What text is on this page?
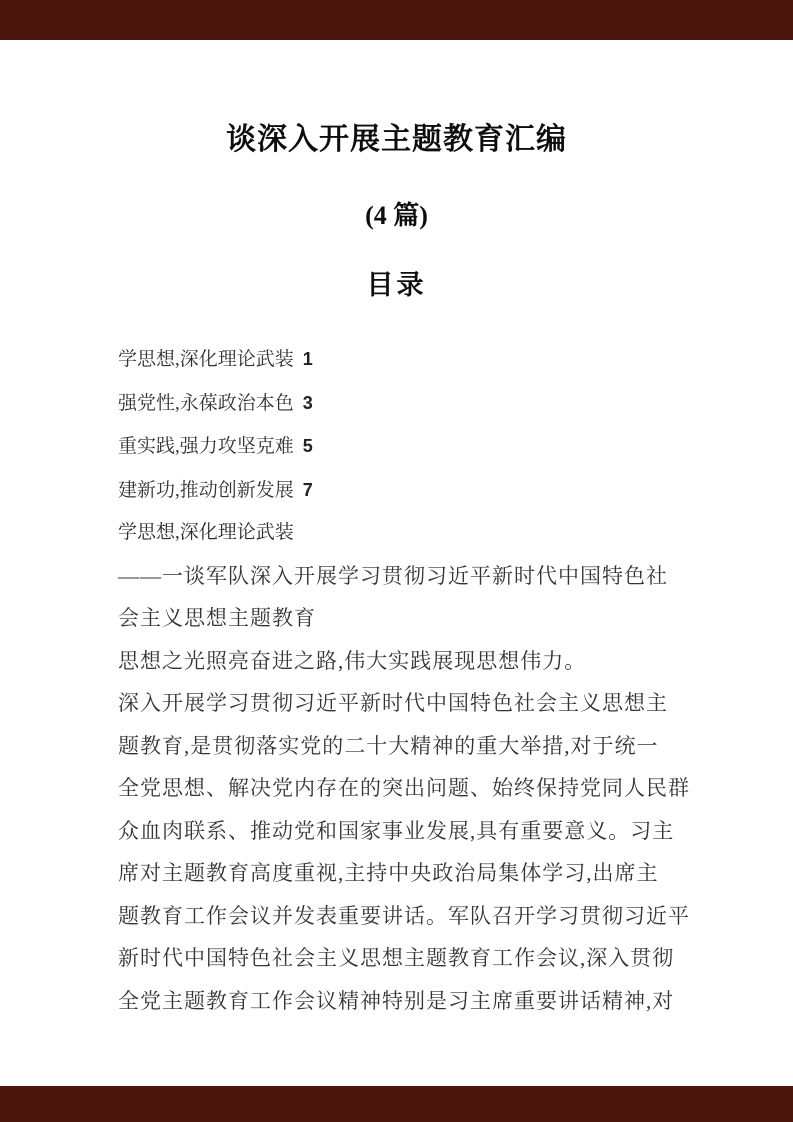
谈深入开展主题教育汇编
(4 篇)
目录
学思想,深化理论武装 1
强党性,永葆政治本色 3
重实践,强力攻坚克难 5
建新功,推动创新发展 7
学思想,深化理论武装
——一谈军队深入开展学习贯彻习近平新时代中国特色社
会主义思想主题教育
思想之光照亮奋进之路,伟大实践展现思想伟力。
深入开展学习贯彻习近平新时代中国特色社会主义思想主
题教育,是贯彻落实党的二十大精神的重大举措,对于统一
全党思想、解决党内存在的突出问题、始终保持党同人民群
众血肉联系、推动党和国家事业发展,具有重要意义。习主
席对主题教育高度重视,主持中央政治局集体学习,出席主
题教育工作会议并发表重要讲话。军队召开学习贯彻习近平
新时代中国特色社会主义思想主题教育工作会议,深入贯彻
全党主题教育工作会议精神特别是习主席重要讲话精神,对
